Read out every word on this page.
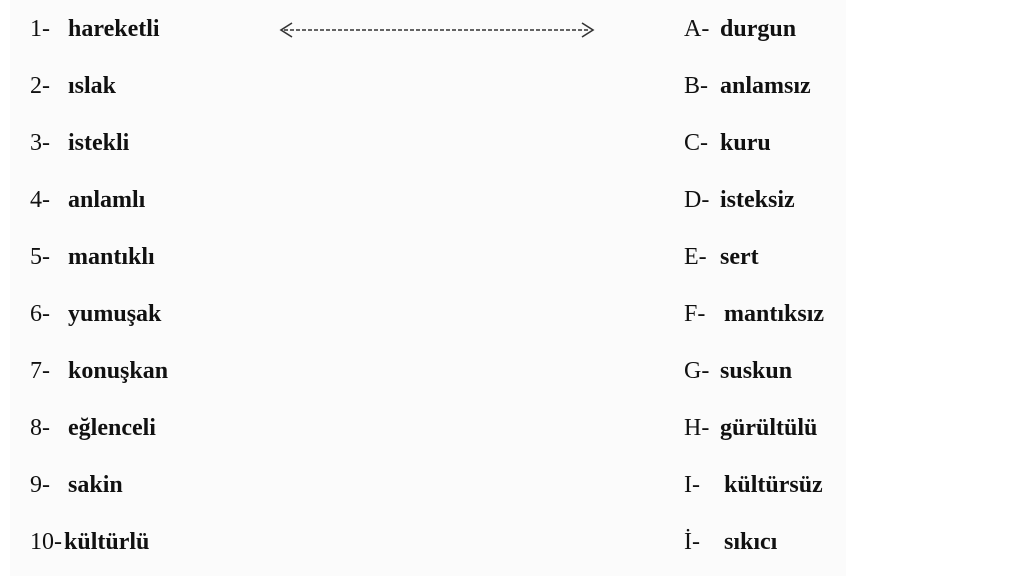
1- hareketli
2- ıslak
3- istekli
4- anlamlı
5- mantıklı
6- yumuşak
7- konuşkan
8- eğlenceli
9- sakin
10-kültürlü
A- durgun
B- anlamsız
C- kuru
D- isteksiz
E- sert
F- mantıksız
G- suskun
H- gürültülü
I- kültürsüz
İ- sıkıcı
